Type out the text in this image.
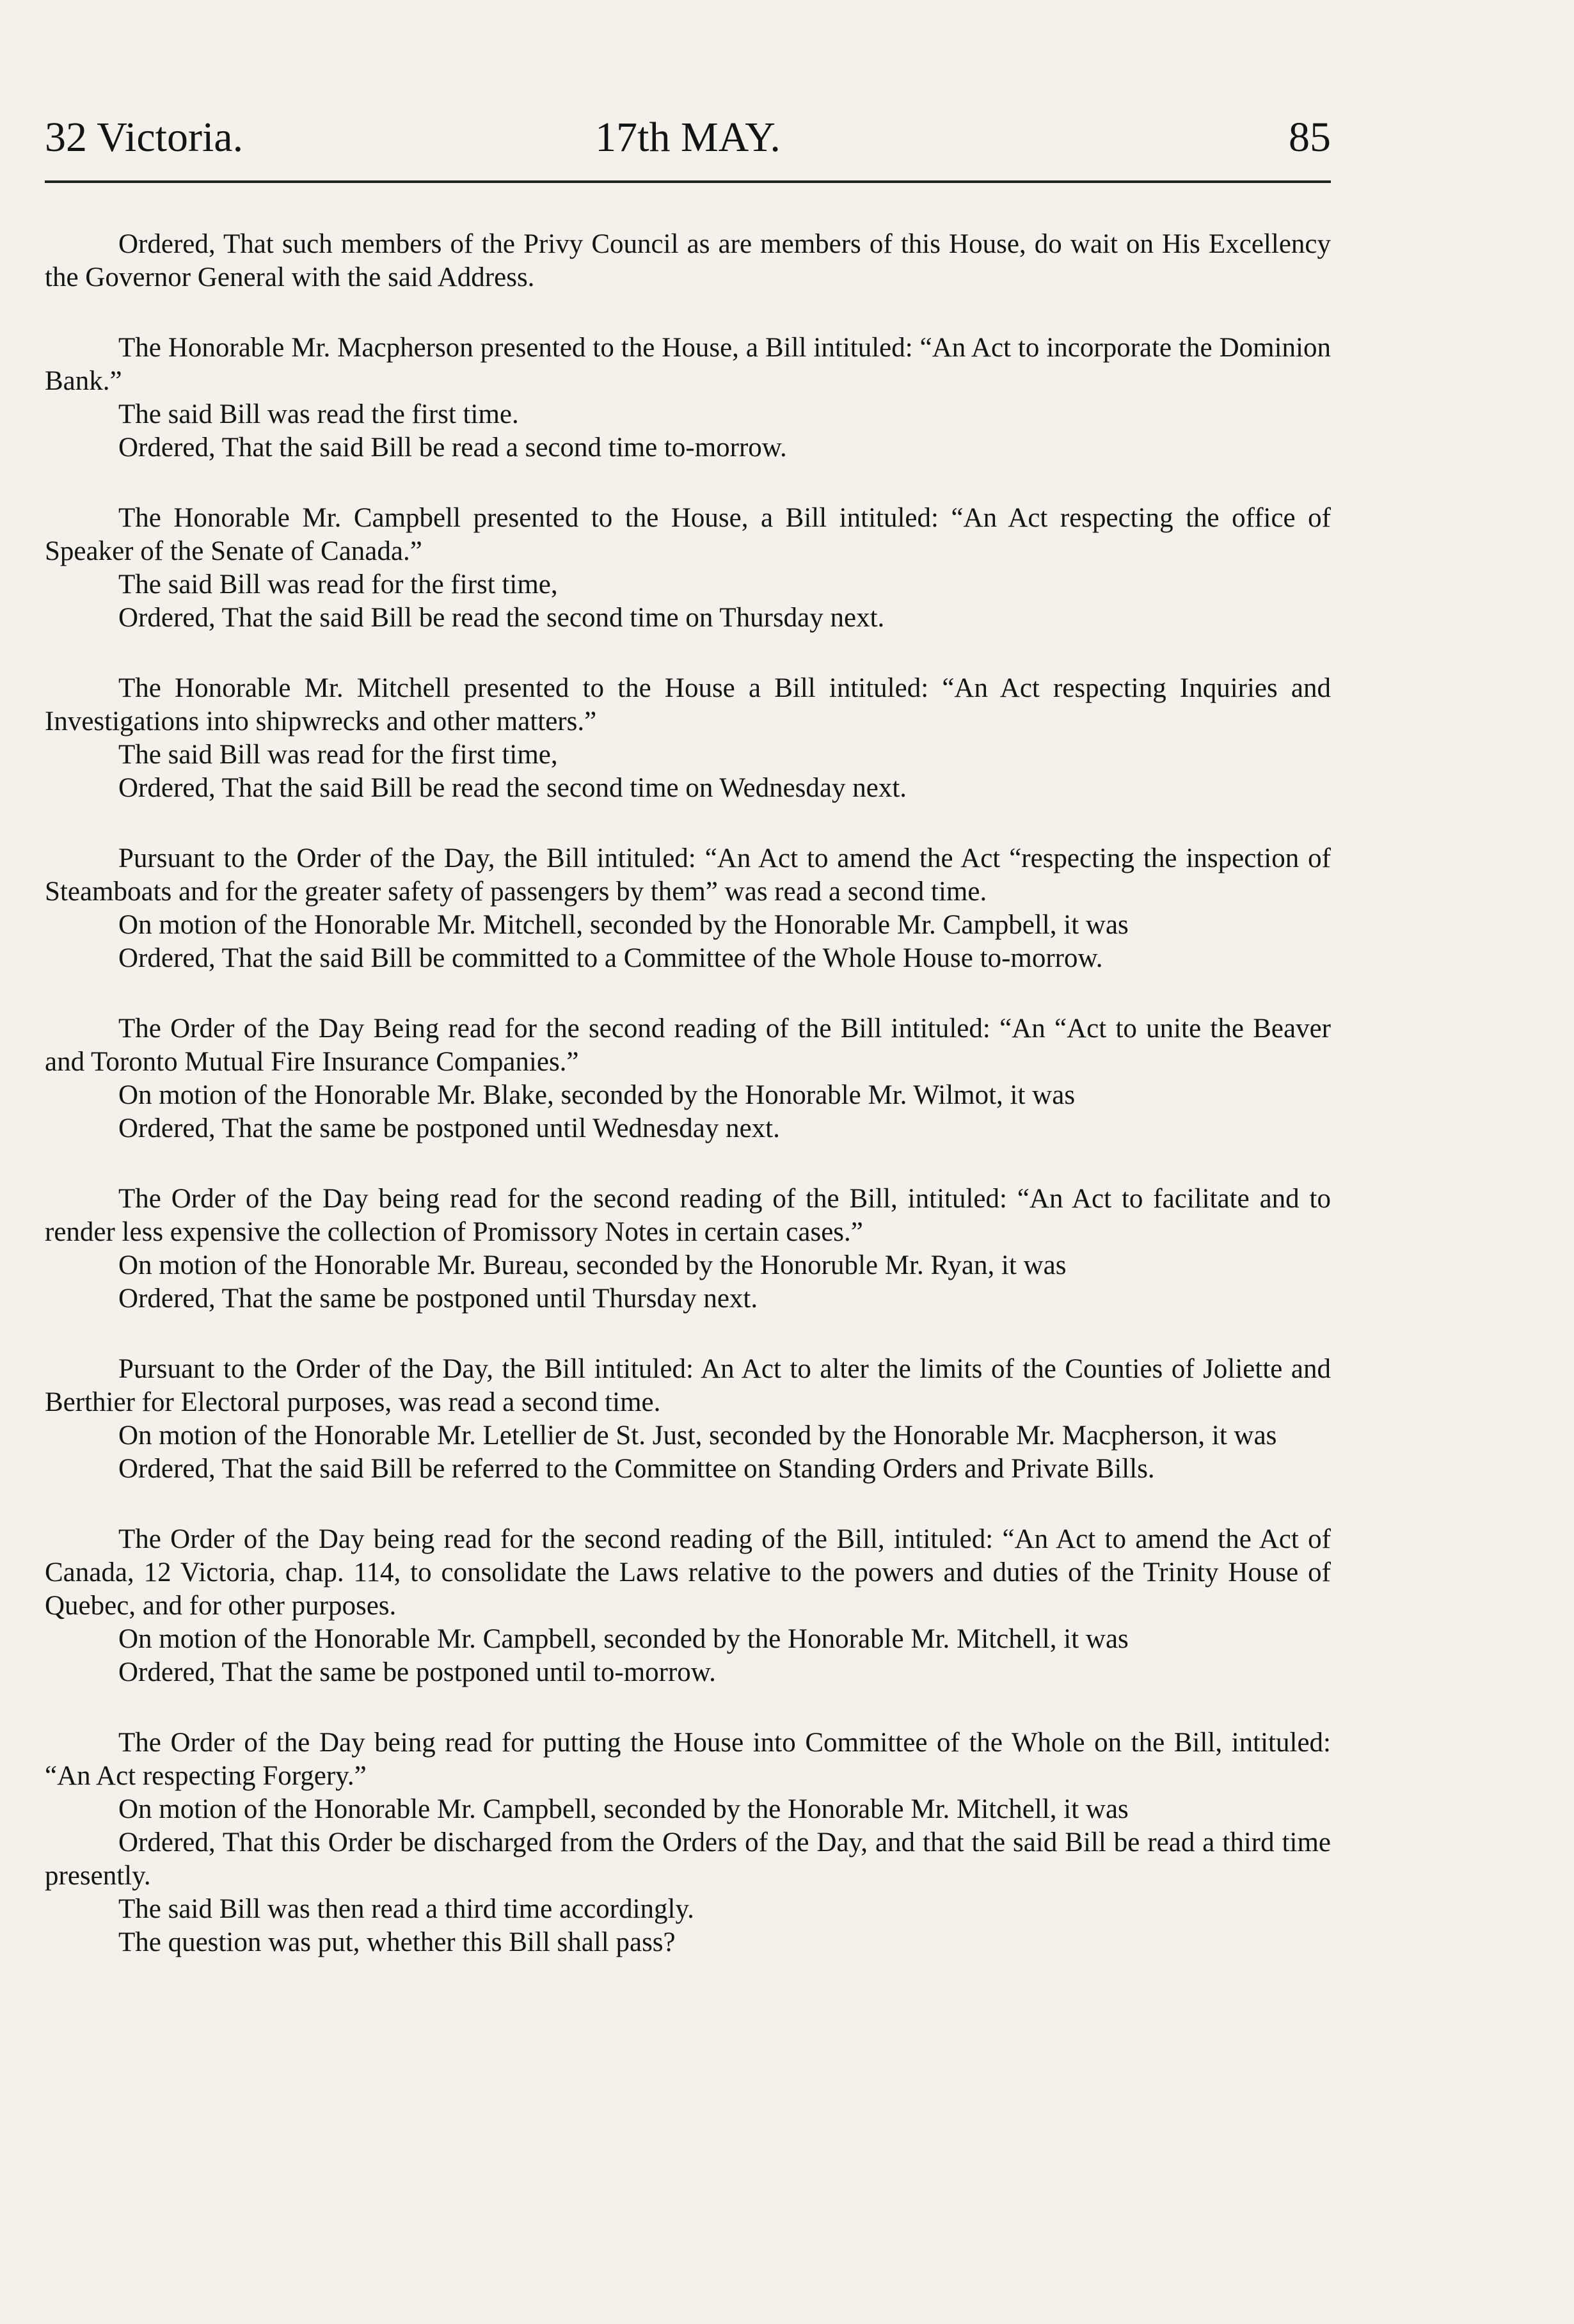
32 Victoria.	17th MAY.	85

Ordered, That such members of the Privy Council as are members of this House, do wait on His Excellency the Governor General with the said Address.

The Honorable Mr. Macpherson presented to the House, a Bill intituled: “An Act to incorporate the Dominion Bank.”

The said Bill was read the first time.

Ordered, That the said Bill be read a second time to-morrow.

The Honorable Mr. Campbell presented to the House, a Bill intituled: “An Act respecting the office of Speaker of the Senate of Canada.”

The said Bill was read for the first time,

Ordered, That the said Bill be read the second time on Thursday next.

The Honorable Mr. Mitchell presented to the House a Bill intituled: “An Act respecting Inquiries and Investigations into shipwrecks and other matters.”

The said Bill was read for the first time,

Ordered, That the said Bill be read the second time on Wednesday next.

Pursuant to the Order of the Day, the Bill intituled: “An Act to amend the Act “respecting the inspection of Steamboats and for the greater safety of passengers by them” was read a second time.

On motion of the Honorable Mr. Mitchell, seconded by the Honorable Mr. Campbell, it was

Ordered, That the said Bill be committed to a Committee of the Whole House to-morrow.

The Order of the Day Being read for the second reading of the Bill intituled: “An “Act to unite the Beaver and Toronto Mutual Fire Insurance Companies.”

On motion of the Honorable Mr. Blake, seconded by the Honorable Mr. Wilmot, it was

Ordered, That the same be postponed until Wednesday next.

The Order of the Day being read for the second reading of the Bill, intituled: “An Act to facilitate and to render less expensive the collection of Promissory Notes in certain cases.”

On motion of the Honorable Mr. Bureau, seconded by the Honoruble Mr. Ryan, it was

Ordered, That the same be postponed until Thursday next.

Pursuant to the Order of the Day, the Bill intituled: An Act to alter the limits of the Counties of Joliette and Berthier for Electoral purposes, was read a second time.

On motion of the Honorable Mr. Letellier de St. Just, seconded by the Honorable Mr. Macpherson, it was

Ordered, That the said Bill be referred to the Committee on Standing Orders and Private Bills.

The Order of the Day being read for the second reading of the Bill, intituled: “An Act to amend the Act of Canada, 12 Victoria, chap. 114, to consolidate the Laws relative to the powers and duties of the Trinity House of Quebec, and for other purposes.

On motion of the Honorable Mr. Campbell, seconded by the Honorable Mr. Mitchell, it was

Ordered, That the same be postponed until to-morrow.

The Order of the Day being read for putting the House into Committee of the Whole on the Bill, intituled: “An Act respecting Forgery.”

On motion of the Honorable Mr. Campbell, seconded by the Honorable Mr. Mitchell, it was

Ordered, That this Order be discharged from the Orders of the Day, and that the said Bill be read a third time presently.

The said Bill was then read a third time accordingly.

The question was put, whether this Bill shall pass?
